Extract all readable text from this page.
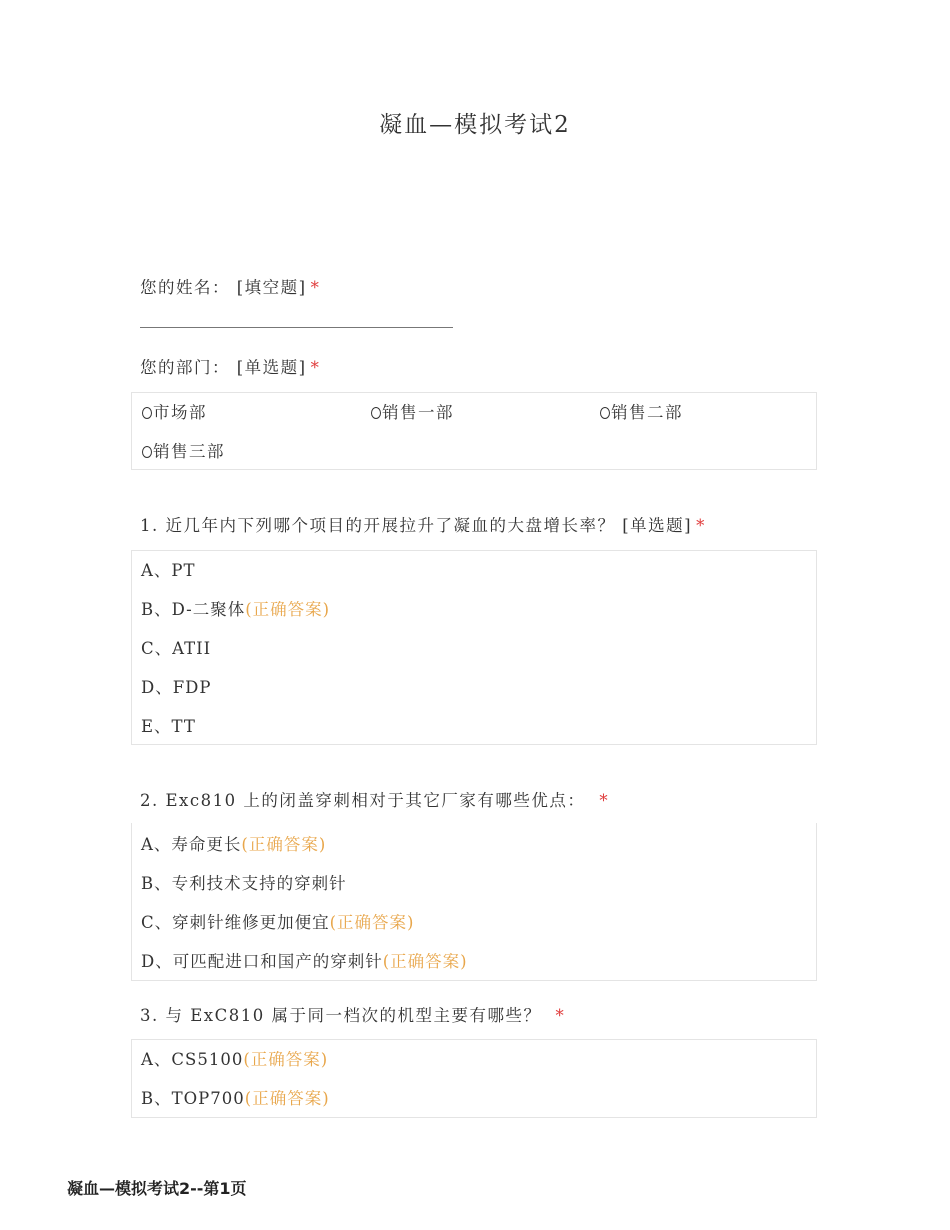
凝血—模拟考试2
您的姓名： [填空题] *
您的部门： [单选题] *
市场部	销售一部	销售二部
销售三部
1. 近几年内下列哪个项目的开展拉升了凝血的大盘增长率？ [单选题] *
A、PT
B、D-二聚体(正确答案)
C、ATII
D、FDP
E、TT
2. Exc810 上的闭盖穿刺相对于其它厂家有哪些优点： *
A、寿命更长(正确答案)
B、专利技术支持的穿刺针
C、穿刺针维修更加便宜(正确答案)
D、可匹配进口和国产的穿刺针(正确答案)
3. 与 ExC810 属于同一档次的机型主要有哪些？ *
A、CS5100(正确答案)
B、TOP700(正确答案)
凝血—模拟考试2--第1页
